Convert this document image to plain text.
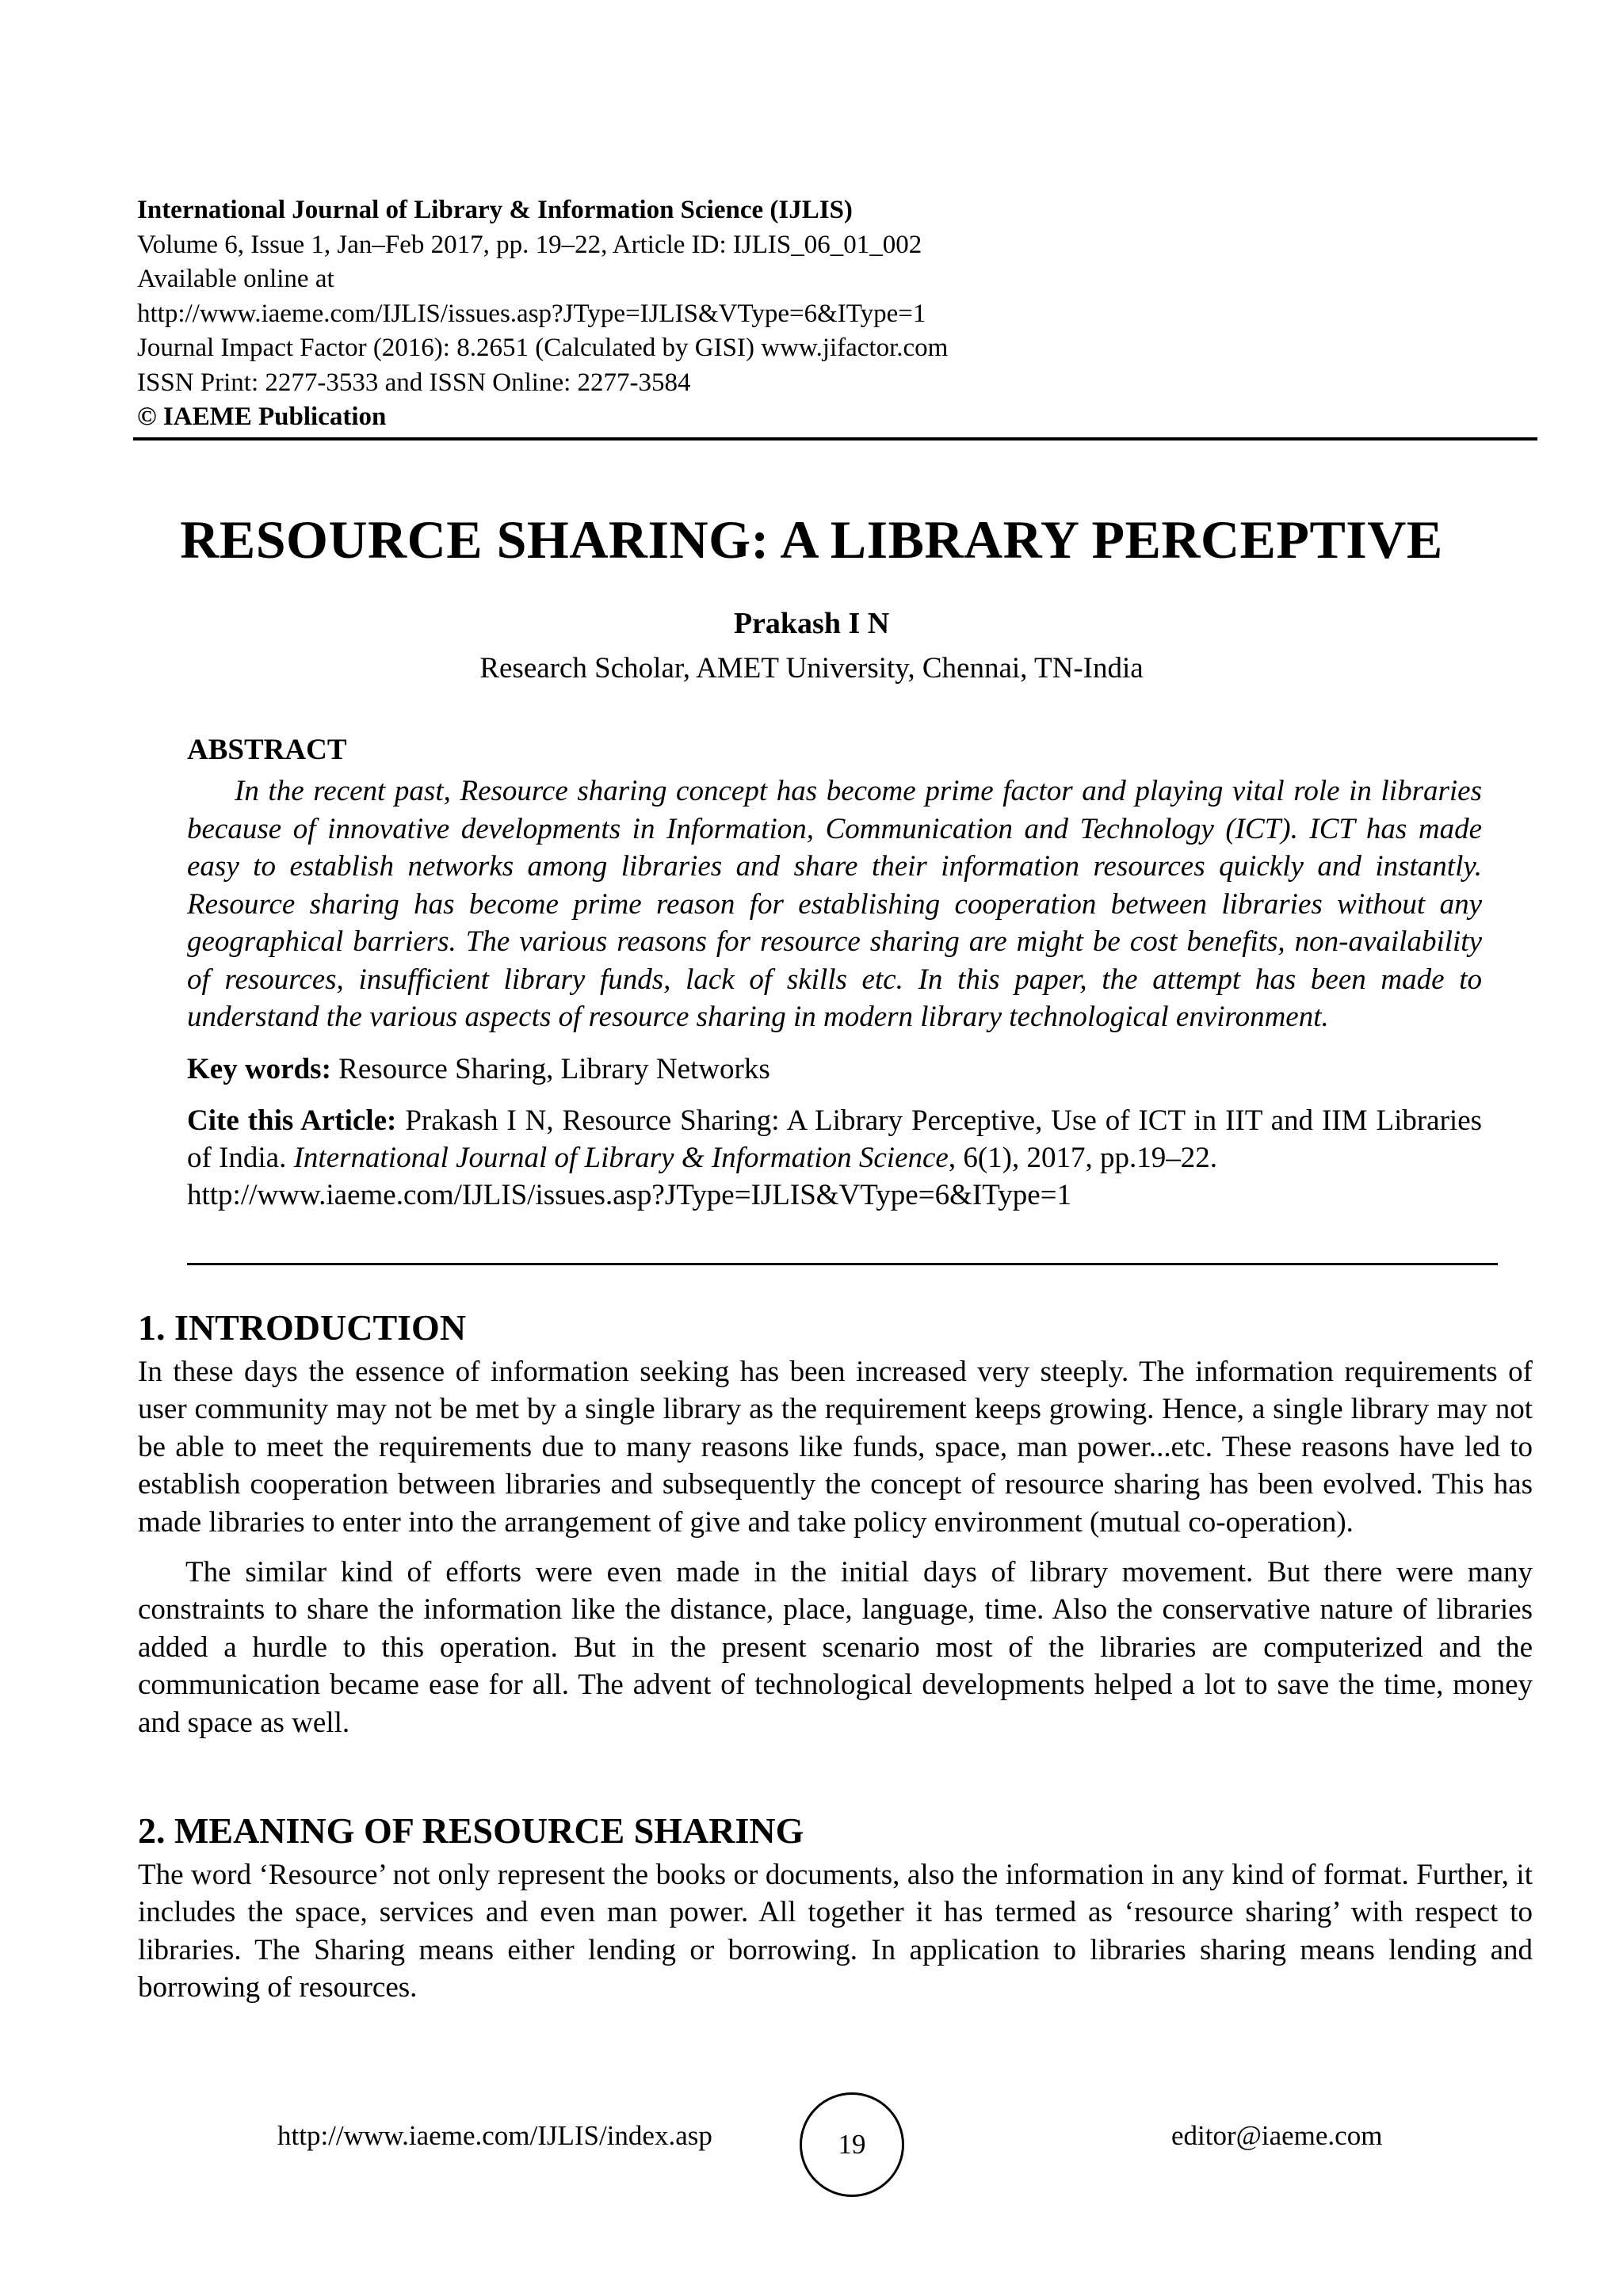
International Journal of Library & Information Science (IJLIS)
Volume 6, Issue 1, Jan–Feb 2017, pp. 19–22, Article ID: IJLIS_06_01_002
Available online at
http://www.iaeme.com/IJLIS/issues.asp?JType=IJLIS&VType=6&IType=1
Journal Impact Factor (2016): 8.2651 (Calculated by GISI) www.jifactor.com
ISSN Print: 2277-3533 and ISSN Online: 2277-3584
© IAEME Publication
RESOURCE SHARING: A LIBRARY PERCEPTIVE
Prakash I N
Research Scholar, AMET University, Chennai, TN-India
ABSTRACT
In the recent past, Resource sharing concept has become prime factor and playing vital role in libraries because of innovative developments in Information, Communication and Technology (ICT). ICT has made easy to establish networks among libraries and share their information resources quickly and instantly. Resource sharing has become prime reason for establishing cooperation between libraries without any geographical barriers. The various reasons for resource sharing are might be cost benefits, non-availability of resources, insufficient library funds, lack of skills etc. In this paper, the attempt has been made to understand the various aspects of resource sharing in modern library technological environment.
Key words: Resource Sharing, Library Networks
Cite this Article: Prakash I N, Resource Sharing: A Library Perceptive, Use of ICT in IIT and IIM Libraries of India. International Journal of Library & Information Science, 6(1), 2017, pp.19–22.
http://www.iaeme.com/IJLIS/issues.asp?JType=IJLIS&VType=6&IType=1
1. INTRODUCTION
In these days the essence of information seeking has been increased very steeply. The information requirements of user community may not be met by a single library as the requirement keeps growing. Hence, a single library may not be able to meet the requirements due to many reasons like funds, space, man power...etc. These reasons have led to establish cooperation between libraries and subsequently the concept of resource sharing has been evolved. This has made libraries to enter into the arrangement of give and take policy environment (mutual co-operation).
The similar kind of efforts were even made in the initial days of library movement. But there were many constraints to share the information like the distance, place, language, time. Also the conservative nature of libraries added a hurdle to this operation. But in the present scenario most of the libraries are computerized and the communication became ease for all. The advent of technological developments helped a lot to save the time, money and space as well.
2. MEANING OF RESOURCE SHARING
The word ‘Resource’ not only represent the books or documents, also the information in any kind of format. Further, it includes the space, services and even man power. All together it has termed as ‘resource sharing’ with respect to libraries. The Sharing means either lending or borrowing. In application to libraries sharing means lending and borrowing of resources.
http://www.iaeme.com/IJLIS/index.asp	19	editor@iaeme.com
